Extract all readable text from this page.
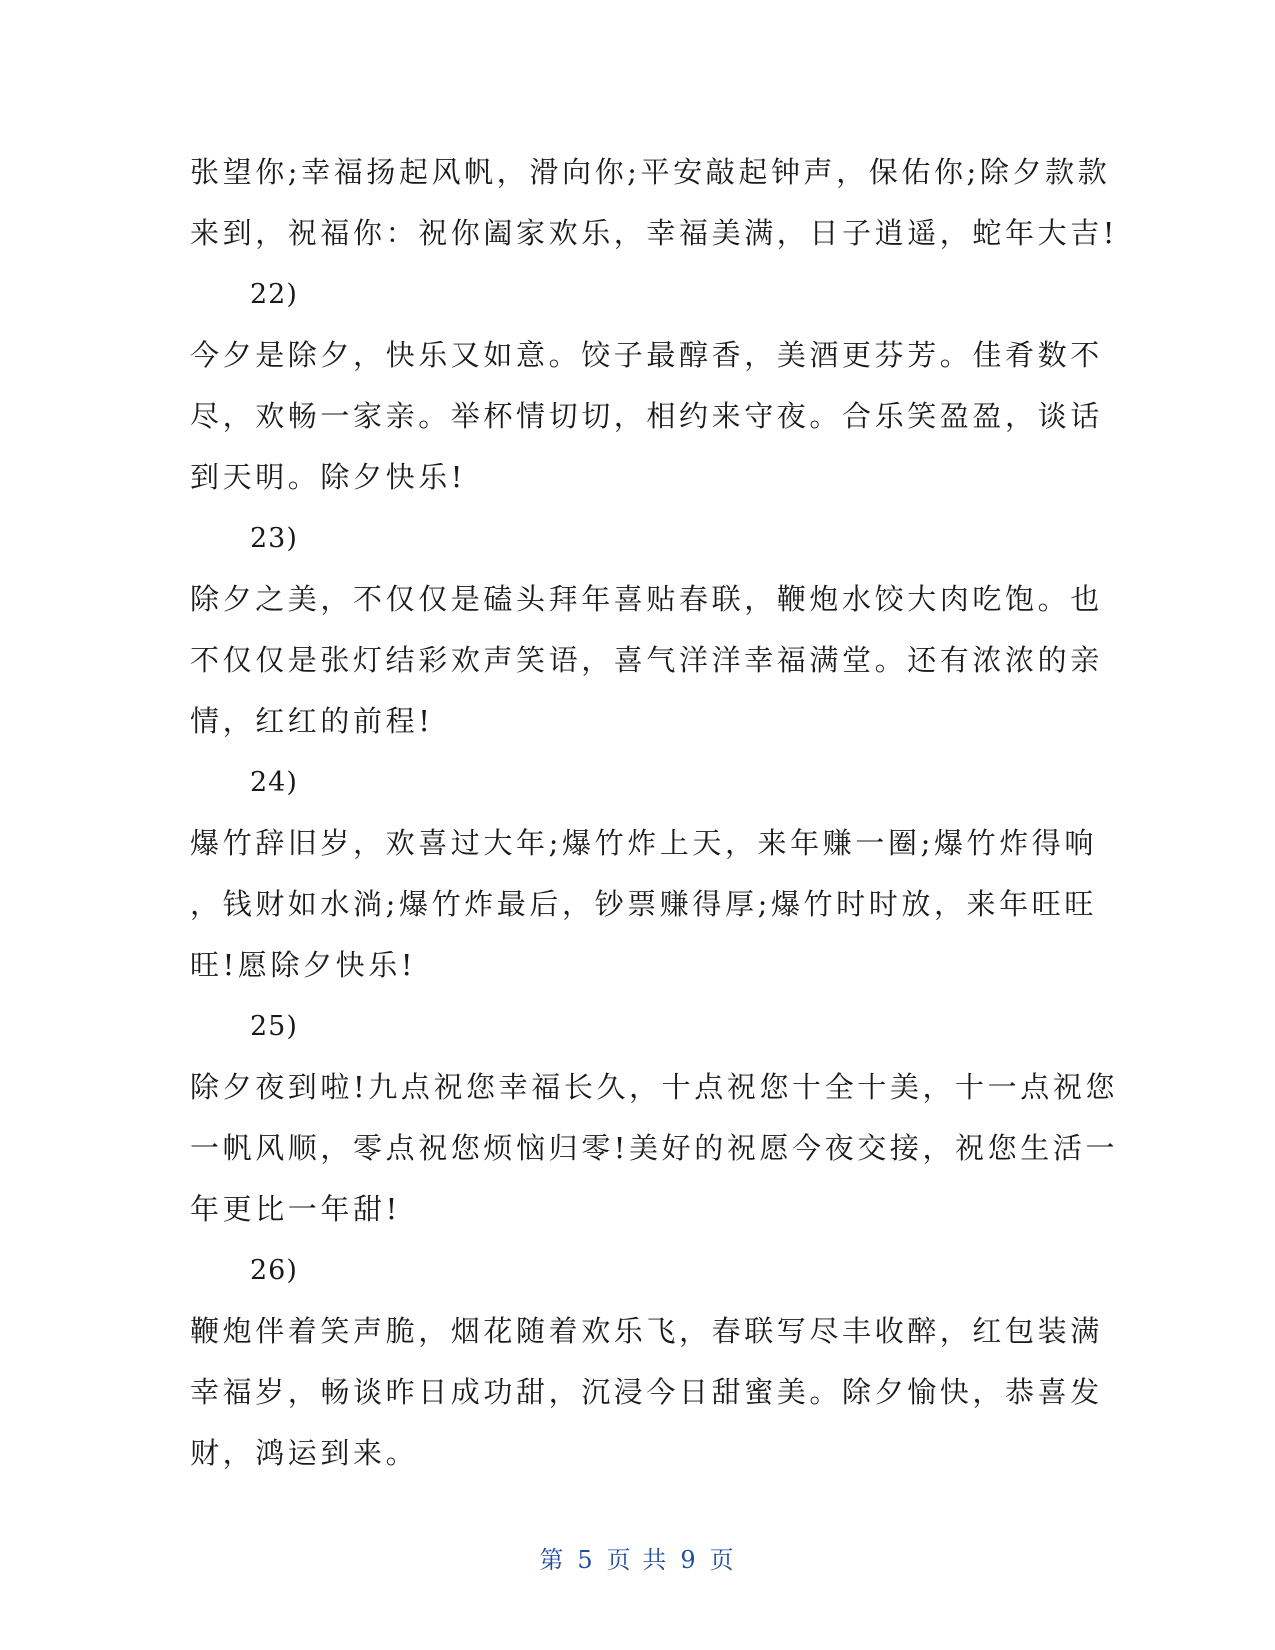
张望你;幸福扬起风帆，滑向你;平安敲起钟声，保佑你;除夕款款
来到，祝福你：祝你阖家欢乐，幸福美满，日子逍遥，蛇年大吉!
22)
今夕是除夕，快乐又如意。饺子最醇香，美酒更芬芳。佳肴数不
尽，欢畅一家亲。举杯情切切，相约来守夜。合乐笑盈盈，谈话
到天明。除夕快乐!
23)
除夕之美，不仅仅是磕头拜年喜贴春联，鞭炮水饺大肉吃饱。也
不仅仅是张灯结彩欢声笑语，喜气洋洋幸福满堂。还有浓浓的亲
情，红红的前程!
24)
爆竹辞旧岁，欢喜过大年;爆竹炸上天，来年赚一圈;爆竹炸得响
，钱财如水淌;爆竹炸最后，钞票赚得厚;爆竹时时放，来年旺旺
旺!愿除夕快乐!
25)
除夕夜到啦!九点祝您幸福长久，十点祝您十全十美，十一点祝您
一帆风顺，零点祝您烦恼归零!美好的祝愿今夜交接，祝您生活一
年更比一年甜!
26)
鞭炮伴着笑声脆，烟花随着欢乐飞，春联写尽丰收醉，红包装满
幸福岁，畅谈昨日成功甜，沉浸今日甜蜜美。除夕愉快，恭喜发
财，鸿运到来。
第 5 页 共 9 页
